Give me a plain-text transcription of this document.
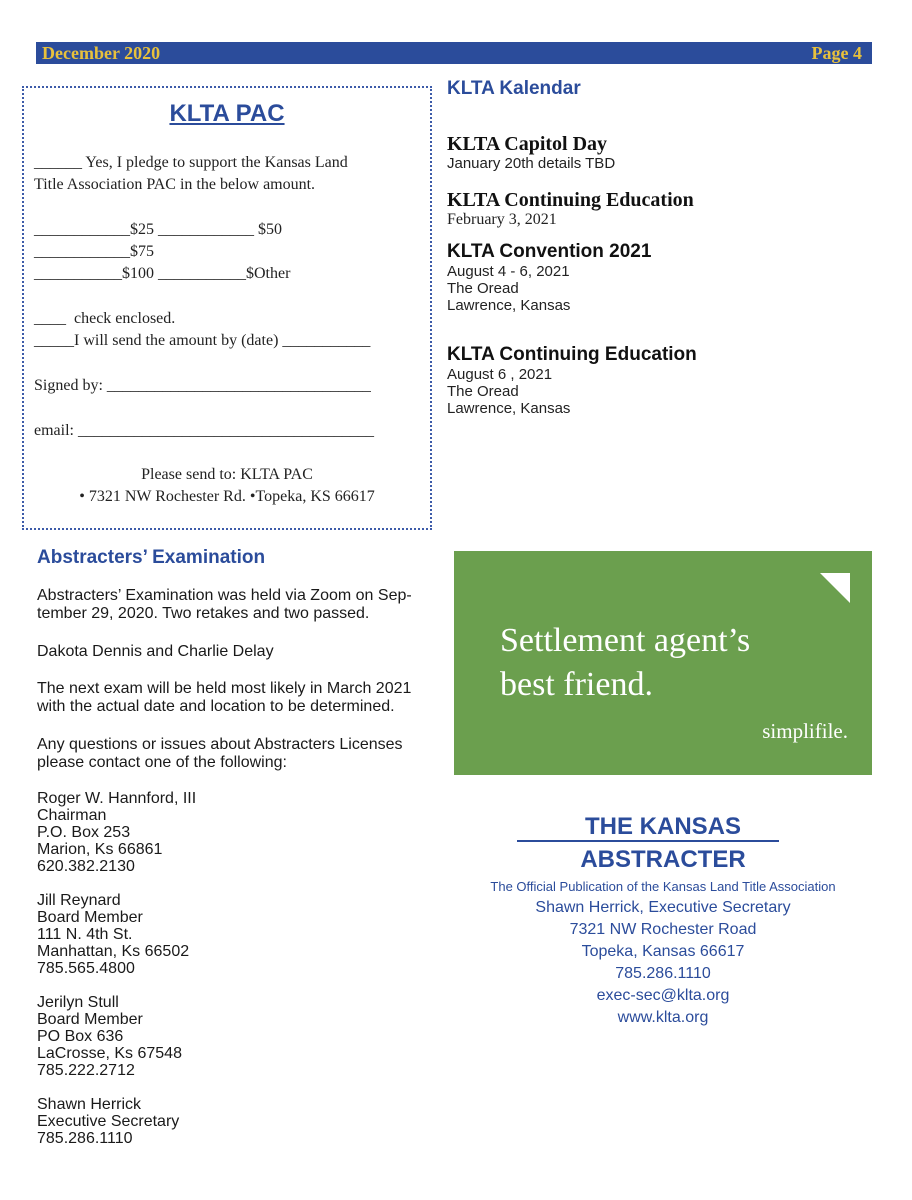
December 2020	Page 4
KLTA PAC
______ Yes, I pledge to support the Kansas Land
Title Association PAC in the below amount.
____________$25 ____________ $50
____________$75
___________$100 ___________$Other
____  check enclosed.
_____I will send the amount by (date) ___________
Signed by: _________________________________
email: _____________________________________
Please send to: KLTA PAC
• 7321 NW Rochester Rd. •Topeka, KS 66617
KLTA Kalendar
KLTA Capitol Day
January 20th details TBD
KLTA Continuing Education
February 3, 2021
KLTA Convention 2021
August 4 - 6, 2021
The Oread
Lawrence, Kansas
KLTA Continuing Education
August 6 , 2021
The Oread
Lawrence, Kansas
Abstracters’ Examination
Abstracters’ Examination was held via Zoom on Sep-
tember 29, 2020. Two retakes and two passed.
Dakota Dennis and Charlie Delay
The next exam will be held most likely in March 2021
with the actual date and location to be determined.
Any questions or issues about Abstracters Licenses
please contact one of the following:
Roger W. Hannford, III
Chairman
P.O. Box 253
Marion, Ks 66861
620.382.2130
Jill Reynard
Board Member
111 N. 4th St.
Manhattan, Ks 66502
785.565.4800
Jerilyn Stull
Board Member
PO Box 636
LaCrosse, Ks 67548
785.222.2712
Shawn Herrick
Executive Secretary
785.286.1110
Settlement agent’s
best friend.
simplifile.
THE KANSAS
ABSTRACTER
The Official Publication of the Kansas Land Title Association
Shawn Herrick, Executive Secretary
7321 NW Rochester Road
Topeka, Kansas 66617
785.286.1110
exec-sec@klta.org
www.klta.org
